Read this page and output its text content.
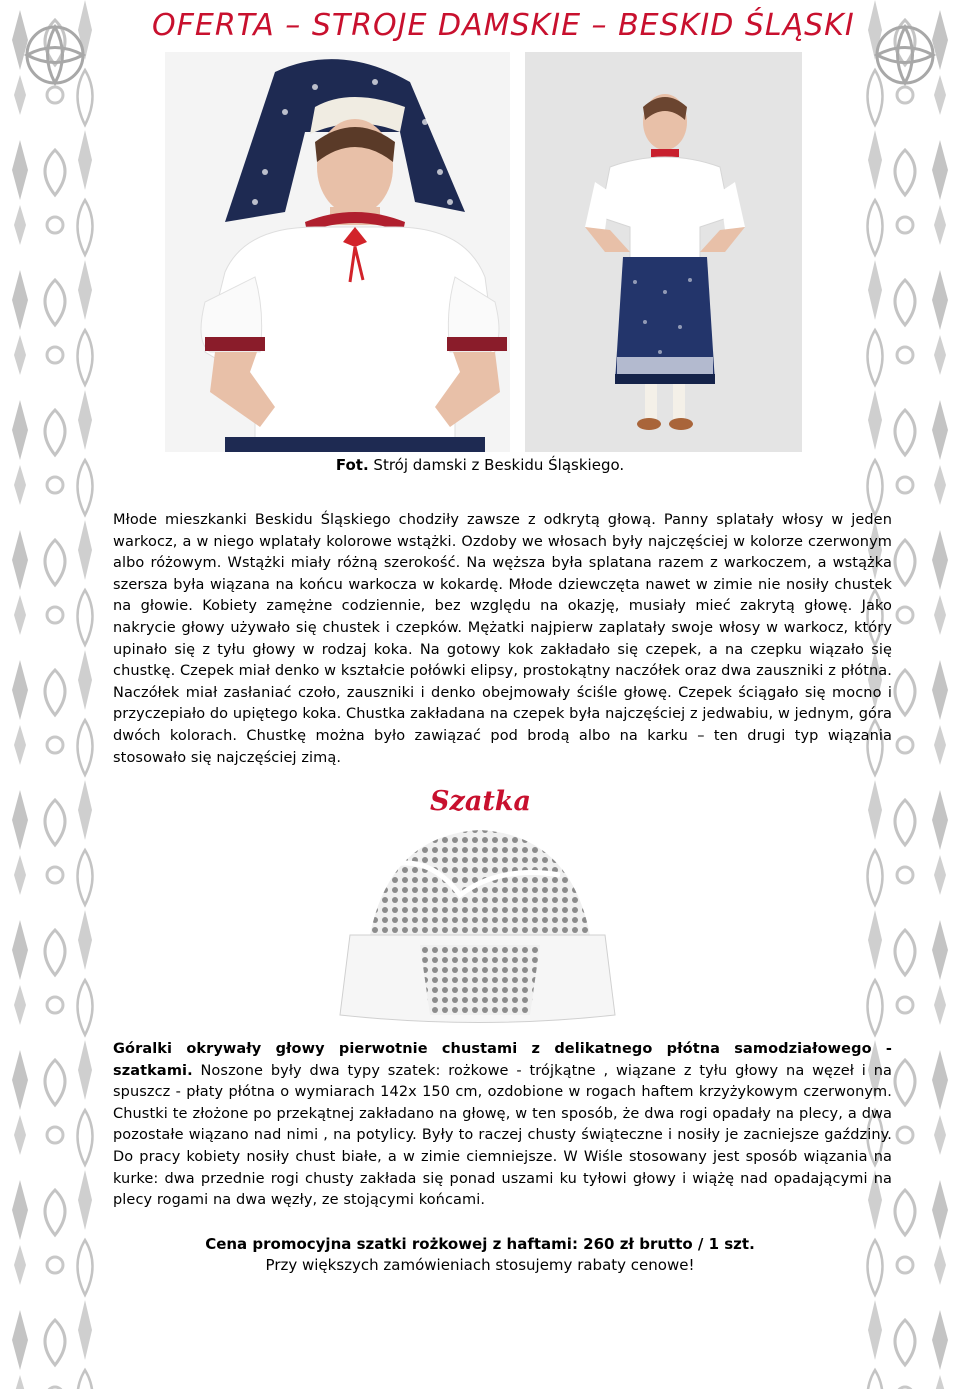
OFERTA – STROJE DAMSKIE – BESKID ŚLĄSKI

Fot. Strój damski z Beskidu Śląskiego.

Młode mieszkanki Beskidu Śląskiego chodziły zawsze z odkrytą głową. Panny splatały włosy w jeden warkocz, a w niego wplatały kolorowe wstążki. Ozdoby we włosach były najczęściej w kolorze czerwonym albo różowym. Wstążki miały różną szerokość. Na węższa była splatana razem z warkoczem, a wstążka szersza była wiązana na końcu warkocza w kokardę. Młode dziewczęta nawet w zimie nie nosiły chustek na głowie. Kobiety zamężne codziennie, bez względu na okazję, musiały mieć zakrytą głowę. Jako nakrycie głowy używało się chustek i czepków. Mężatki najpierw zaplatały swoje włosy w warkocz, który upinało się z tyłu głowy w rodzaj koka. Na gotowy kok zakładało się czepek, a na czepku wiązało się chustkę. Czepek miał denko w kształcie połówki elipsy, prostokątny naczółek oraz dwa zauszniki z płótna. Naczółek miał zasłaniać czoło, zauszniki i denko obejmowały ściśle głowę. Czepek ściągało się mocno i przyczepiało do upiętego koka. Chustka zakładana na czepek była najczęściej z jedwabiu, w jednym, góra dwóch kolorach. Chustkę można było zawiązać pod brodą albo na karku – ten drugi typ wiązania stosowało się najczęściej zimą.

Szatka

Góralki okrywały głowy pierwotnie chustami z delikatnego płótna samodziałowego - szatkami. Noszone były dwa typy szatek: rożkowe - trójkątne , wiązane z tyłu głowy na węzeł i na spuszcz - płaty płótna o wymiarach 142x 150 cm, ozdobione w rogach haftem krzyżykowym czerwonym. Chustki te złożone po przekątnej zakładano na głowę, w ten sposób, że dwa rogi opadały na plecy, a dwa pozostałe wiązano nad nimi , na potylicy. Były to raczej chusty świąteczne i nosiły je zacniejsze gaździny. Do pracy kobiety nosiły chust białe, a w zimie ciemniejsze. W Wiśle stosowany jest sposób wiązania na kurke: dwa przednie rogi chusty zakłada się ponad uszami ku tyłowi głowy i wiążę nad opadającymi na plecy rogami na dwa węzły, ze stojącymi końcami.

Cena promocyjna szatki rożkowej z haftami: 260 zł brutto / 1 szt.

Przy większych zamówieniach stosujemy rabaty cenowe!
